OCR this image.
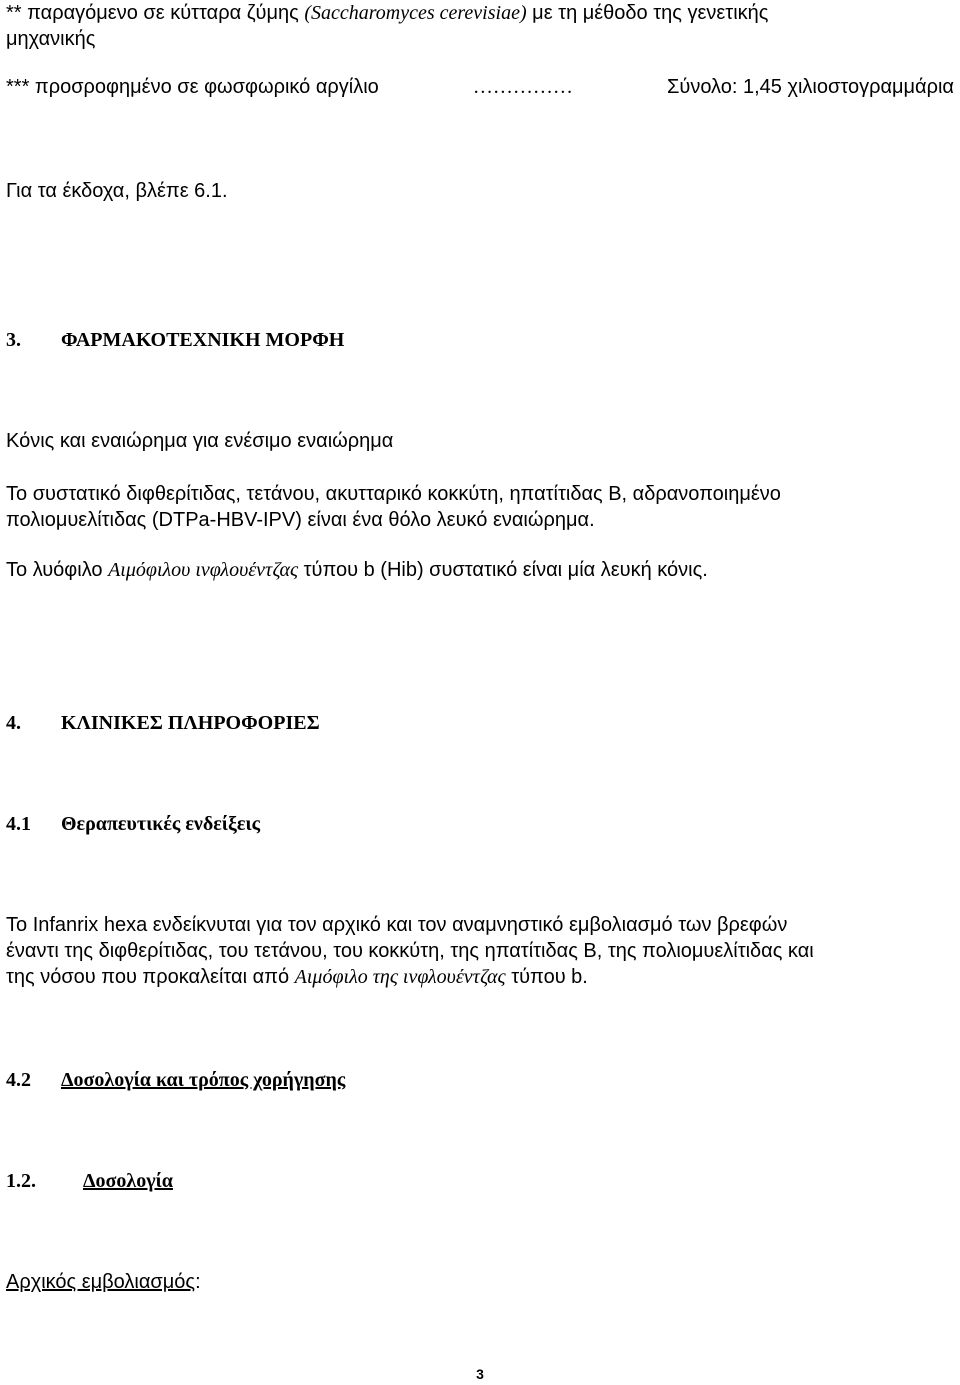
** παραγόμενο σε κύτταρα ζύμης (Saccharomyces cerevisiae) με τη μέθοδο της γενετικής

μηχανικής

*** προσροφημένο σε φωσφωρικό αργίλιο	……………	Σύνολο: 1,45 χιλιοστογραμμάρια

Για τα έκδοχα, βλέπε 6.1.

3. ΦΑΡΜΑΚΟΤΕΧΝΙΚΗ ΜΟΡΦΗ

Κόνις και εναιώρημα για ενέσιμο εναιώρημα

Το συστατικό διφθερίτιδας, τετάνου, ακυτταρικό κοκκύτη, ηπατίτιδας Β, αδρανοποιημένο

πολιομυελίτιδας (DTPa-HBV-IPV) είναι ένα θόλο λευκό εναιώρημα.

Το λυόφιλο Αιμόφιλου ινφλουέντζας τύπου b (Hib) συστατικό είναι μία λευκή κόνις.

4. ΚΛΙΝΙΚΕΣ ΠΛΗΡΟΦΟΡΙΕΣ

4.1 Θεραπευτικές ενδείξεις

Το Infanrix hexa ενδείκνυται για τον αρχικό και τον αναμνηστικό εμβολιασμό των βρεφών

έναντι της διφθερίτιδας, του τετάνου, του κοκκύτη, της ηπατίτιδας Β, της πολιομυελίτιδας και

της νόσου που προκαλείται από Αιμόφιλο της ινφλουέντζας τύπου b.

4.2 Δοσολογία και τρόπος χορήγησης

1.2. Δοσολογία

Αρχικός εμβολιασμός:

3
